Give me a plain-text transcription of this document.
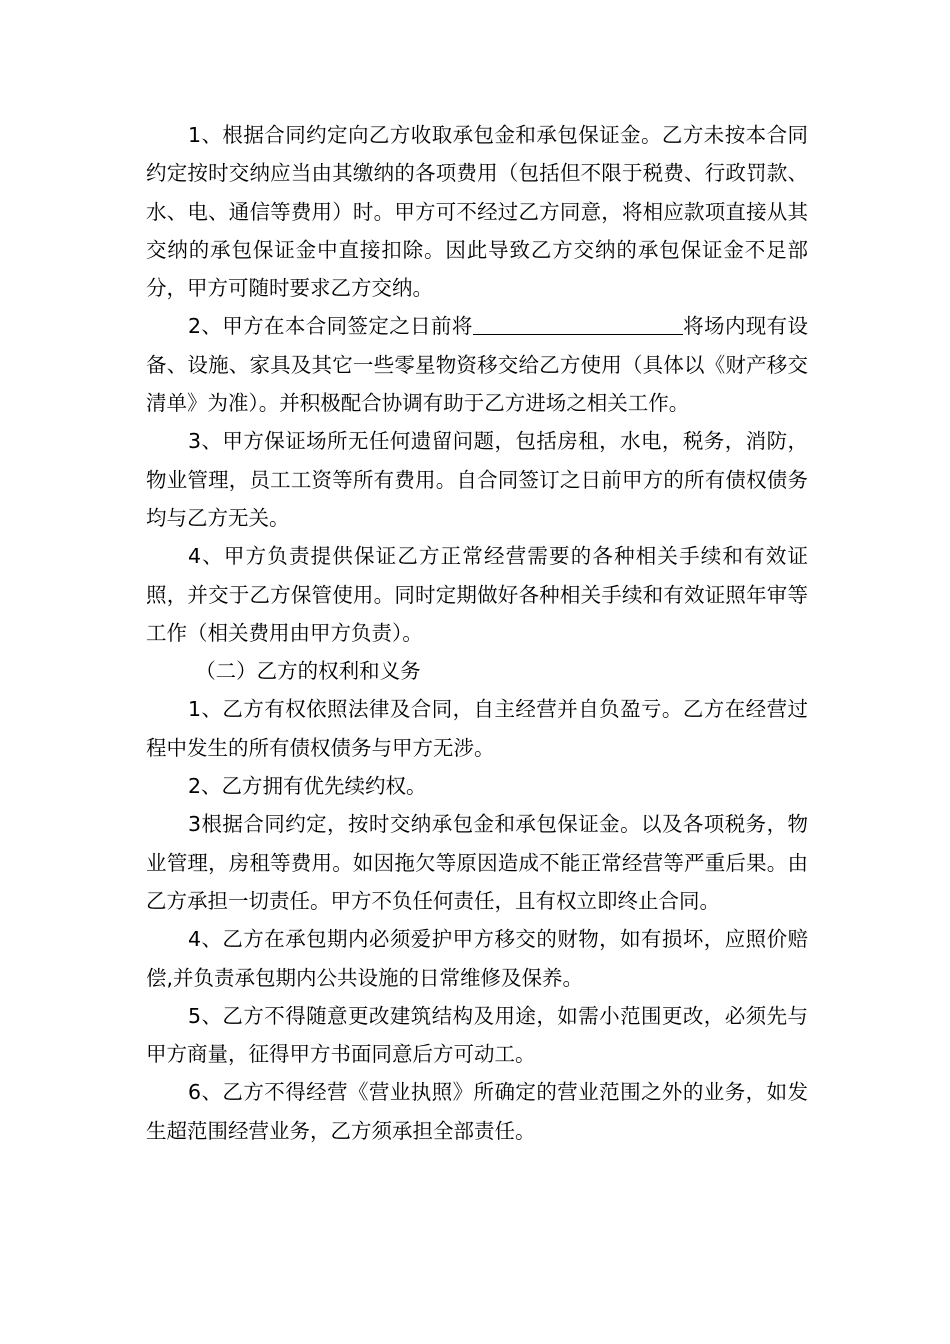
1、根据合同约定向乙方收取承包金和承包保证金。乙方未按本合同约定按时交纳应当由其缴纳的各项费用（包括但不限于税费、行政罚款、水、电、通信等费用）时。甲方可不经过乙方同意，将相应款项直接从其交纳的承包保证金中直接扣除。因此导致乙方交纳的承包保证金不足部分，甲方可随时要求乙方交纳。

2、甲方在本合同签定之日前将	将场内现有设备、设施、家具及其它一些零星物资移交给乙方使用（具体以《财产移交清单》为准）。并积极配合协调有助于乙方进场之相关工作。

3、甲方保证场所无任何遗留问题，包括房租，水电，税务，消防，物业管理，员工工资等所有费用。自合同签订之日前甲方的所有债权债务均与乙方无关。

4、甲方负责提供保证乙方正常经营需要的各种相关手续和有效证照，并交于乙方保管使用。同时定期做好各种相关手续和有效证照年审等工作（相关费用由甲方负责）。

（二）乙方的权利和义务

1、乙方有权依照法律及合同，自主经营并自负盈亏。乙方在经营过程中发生的所有债权债务与甲方无涉。

2、乙方拥有优先续约权。

3根据合同约定，按时交纳承包金和承包保证金。以及各项税务，物业管理，房租等费用。如因拖欠等原因造成不能正常经营等严重后果。由乙方承担一切责任。甲方不负任何责任，且有权立即终止合同。

4、乙方在承包期内必须爱护甲方移交的财物，如有损坏，应照价赔偿,并负责承包期内公共设施的日常维修及保养。

5、乙方不得随意更改建筑结构及用途，如需小范围更改，必须先与甲方商量，征得甲方书面同意后方可动工。

6、乙方不得经营《营业执照》所确定的营业范围之外的业务，如发生超范围经营业务，乙方须承担全部责任。
